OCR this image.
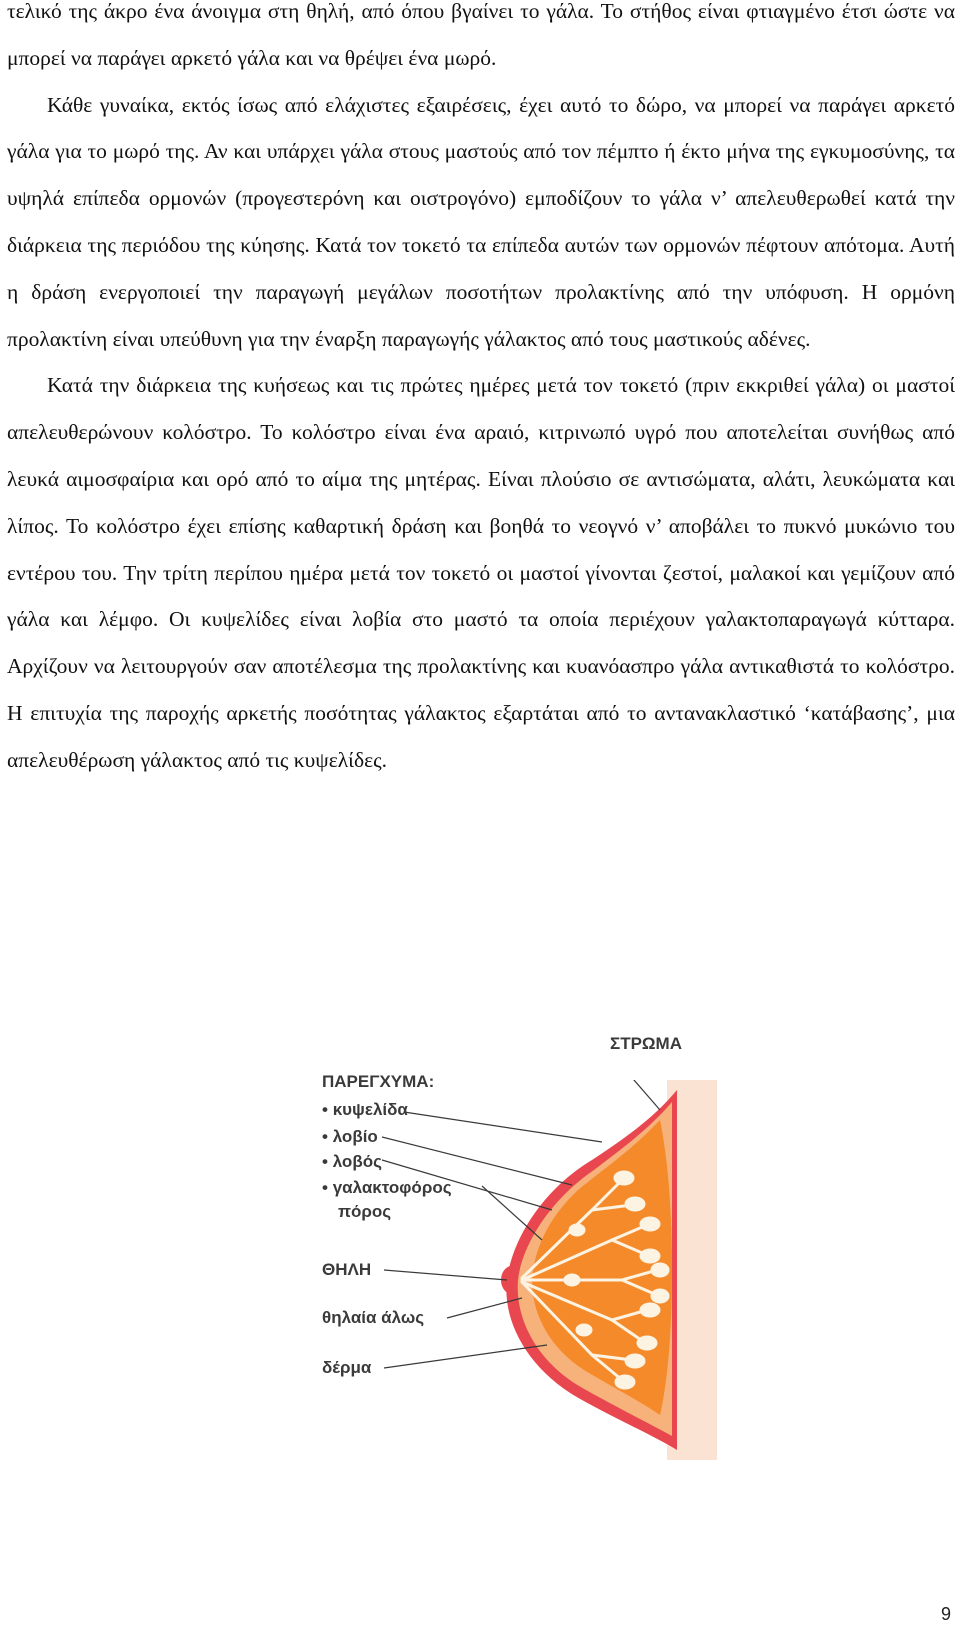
τελικό της άκρο ένα άνοιγμα στη θηλή, από όπου βγαίνει το γάλα. Το στήθος είναι φτιαγμένο έτσι ώστε να μπορεί να παράγει αρκετό γάλα και να θρέψει ένα μωρό.

Κάθε γυναίκα, εκτός ίσως από ελάχιστες εξαιρέσεις, έχει αυτό το δώρο, να μπορεί να παράγει αρκετό γάλα για το μωρό της. Αν και υπάρχει γάλα στους μαστούς από τον πέμπτο ή έκτο μήνα της εγκυμοσύνης, τα υψηλά επίπεδα ορμονών (προγεστερόνη και οιστρογόνο) εμποδίζουν το γάλα ν’ απελευθερωθεί κατά την διάρκεια της περιόδου της κύησης. Κατά τον τοκετό τα επίπεδα αυτών των ορμονών πέφτουν απότομα. Αυτή η δράση ενεργοποιεί την παραγωγή μεγάλων ποσοτήτων προλακτίνης από την υπόφυση. Η ορμόνη προλακτίνη είναι υπεύθυνη για την έναρξη παραγωγής γάλακτος από τους μαστικούς αδένες.

Κατά την διάρκεια της κυήσεως και τις πρώτες ημέρες μετά τον τοκετό (πριν εκκριθεί γάλα) οι μαστοί απελευθερώνουν κολόστρο. Το κολόστρο είναι ένα αραιό, κιτρινωπό υγρό που αποτελείται συνήθως από λευκά αιμοσφαίρια και ορό από το αίμα της μητέρας. Είναι πλούσιο σε αντισώματα, αλάτι, λευκώματα και λίπος. Το κολόστρο έχει επίσης καθαρτική δράση και βοηθά το νεογνό ν’ αποβάλει το πυκνό μυκώνιο του εντέρου του. Την τρίτη περίπου ημέρα μετά τον τοκετό οι μαστοί γίνονται ζεστοί, μαλακοί και γεμίζουν από γάλα και λέμφο. Οι κυψελίδες είναι λοβία στο μαστό τα οποία περιέχουν γαλακτοπαραγωγά κύτταρα. Αρχίζουν να λειτουργούν σαν αποτέλεσμα της προλακτίνης και κυανόασπρο γάλα αντικαθιστά το κολόστρο. Η επιτυχία της παροχής αρκετής ποσότητας γάλακτος εξαρτάται από το αντανακλαστικό ‘κατάβασης’, μια απελευθέρωση γάλακτος από τις κυψελίδες.

ΣΤΡΩΜΑ
ΠΑΡΕΓΧΥΜΑ:
• κυψελίδα
• λοβίο
• λοβός
• γαλακτοφόρος
πόρος
ΘΗΛΗ
θηλαία άλως
δέρμα
9
